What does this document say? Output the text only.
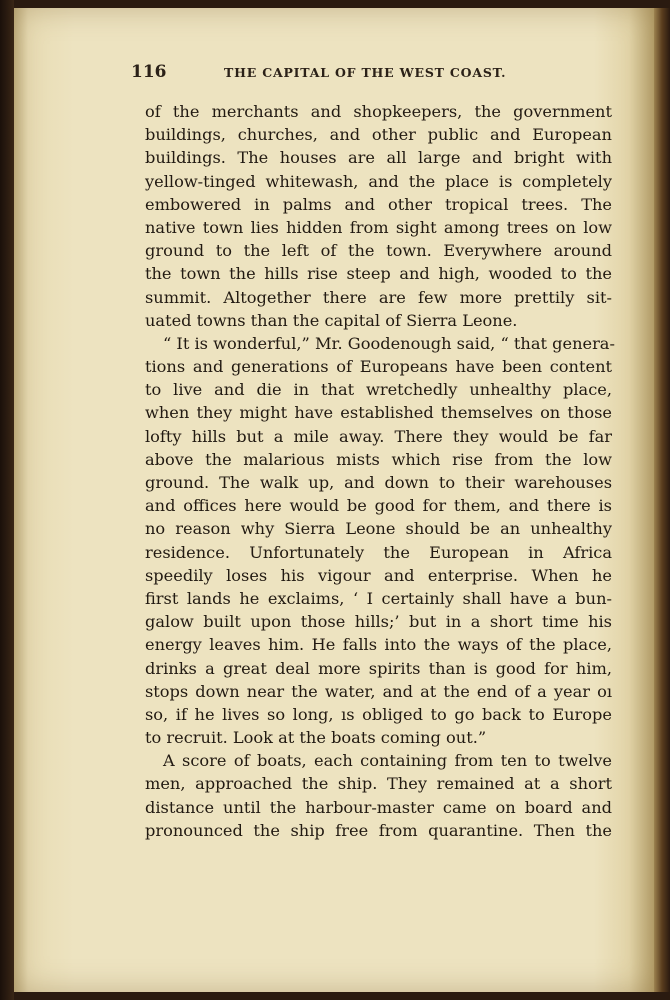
116	THE CAPITAL OF THE WEST COAST.
of the merchants and shopkeepers, the government
buildings, churches, and other public and European
buildings. The houses are all large and bright with
yellow-tinged whitewash, and the place is completely
embowered in palms and other tropical trees. The
native town lies hidden from sight among trees on low
ground to the left of the town. Everywhere around
the town the hills rise steep and high, wooded to the
summit. Altogether there are few more prettily sit-
uated towns than the capital of Sierra Leone.
“ It is wonderful,” Mr. Goodenough said, “ that genera-
tions and generations of Europeans have been content
to live and die in that wretchedly unhealthy place,
when they might have established themselves on those
lofty hills but a mile away. There they would be far
above the malarious mists which rise from the low
ground. The walk up, and down to their warehouses
and offices here would be good for them, and there is
no reason why Sierra Leone should be an unhealthy
residence. Unfortunately the European in Africa
speedily loses his vigour and enterprise. When he
first lands he exclaims, ‘ I certainly shall have a bun-
galow built upon those hills;’ but in a short time his
energy leaves him. He falls into the ways of the place,
drinks a great deal more spirits than is good for him,
stops down near the water, and at the end of a year oı
so, if he lives so long, ıs obliged to go back to Europe
to recruit. Look at the boats coming out.”
A score of boats, each containing from ten to twelve
men, approached the ship. They remained at a short
distance until the harbour-master came on board and
pronounced the ship free from quarantine. Then the
